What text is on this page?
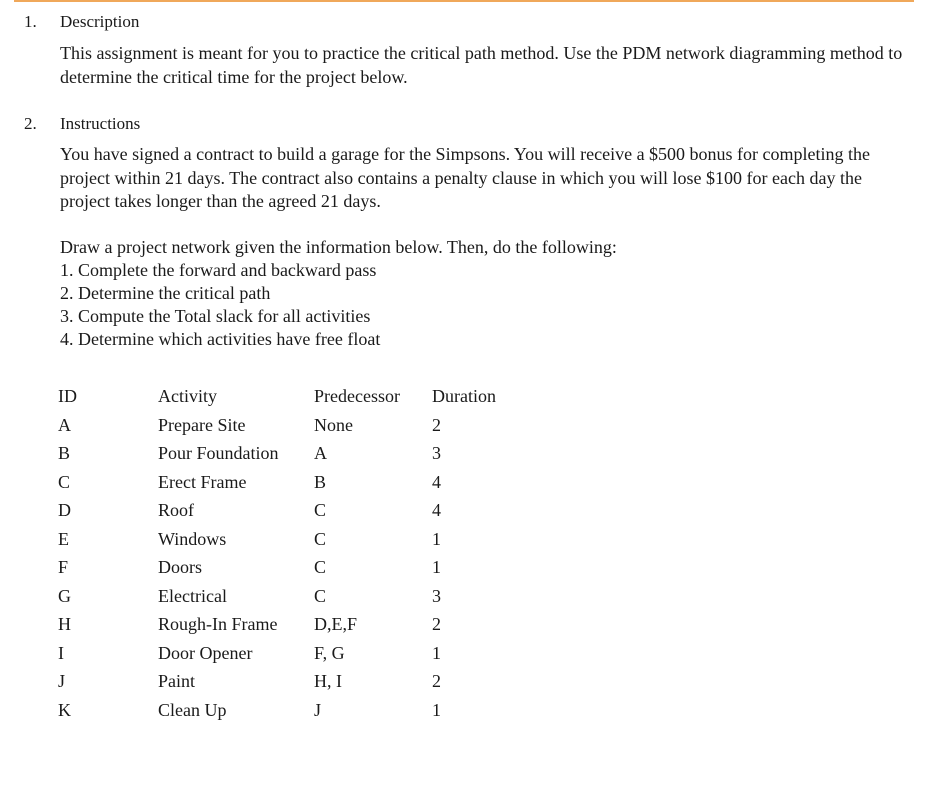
1. Description

This assignment is meant for you to practice the critical path method. Use the PDM network diagramming method to determine the critical time for the project below.

2. Instructions

You have signed a contract to build a garage for the Simpsons. You will receive a $500 bonus for completing the project within 21 days. The contract also contains a penalty clause in which you will lose $100 for each day the project takes longer than the agreed 21 days.

Draw a project network given the information below. Then, do the following:

1. Complete the forward and backward pass
2. Determine the critical path
3. Compute the Total slack for all activities
4. Determine which activities have free float
ID	Activity	Predecessor	Duration
A	Prepare Site	None	2
B	Pour Foundation	A	3
C	Erect Frame	B	4
D	Roof	C	4
E	Windows	C	1
F	Doors	C	1
G	Electrical	C	3
H	Rough-In Frame	D,E,F	2
I	Door Opener	F, G	1
J	Paint	H, I	2
K	Clean Up	J	1
